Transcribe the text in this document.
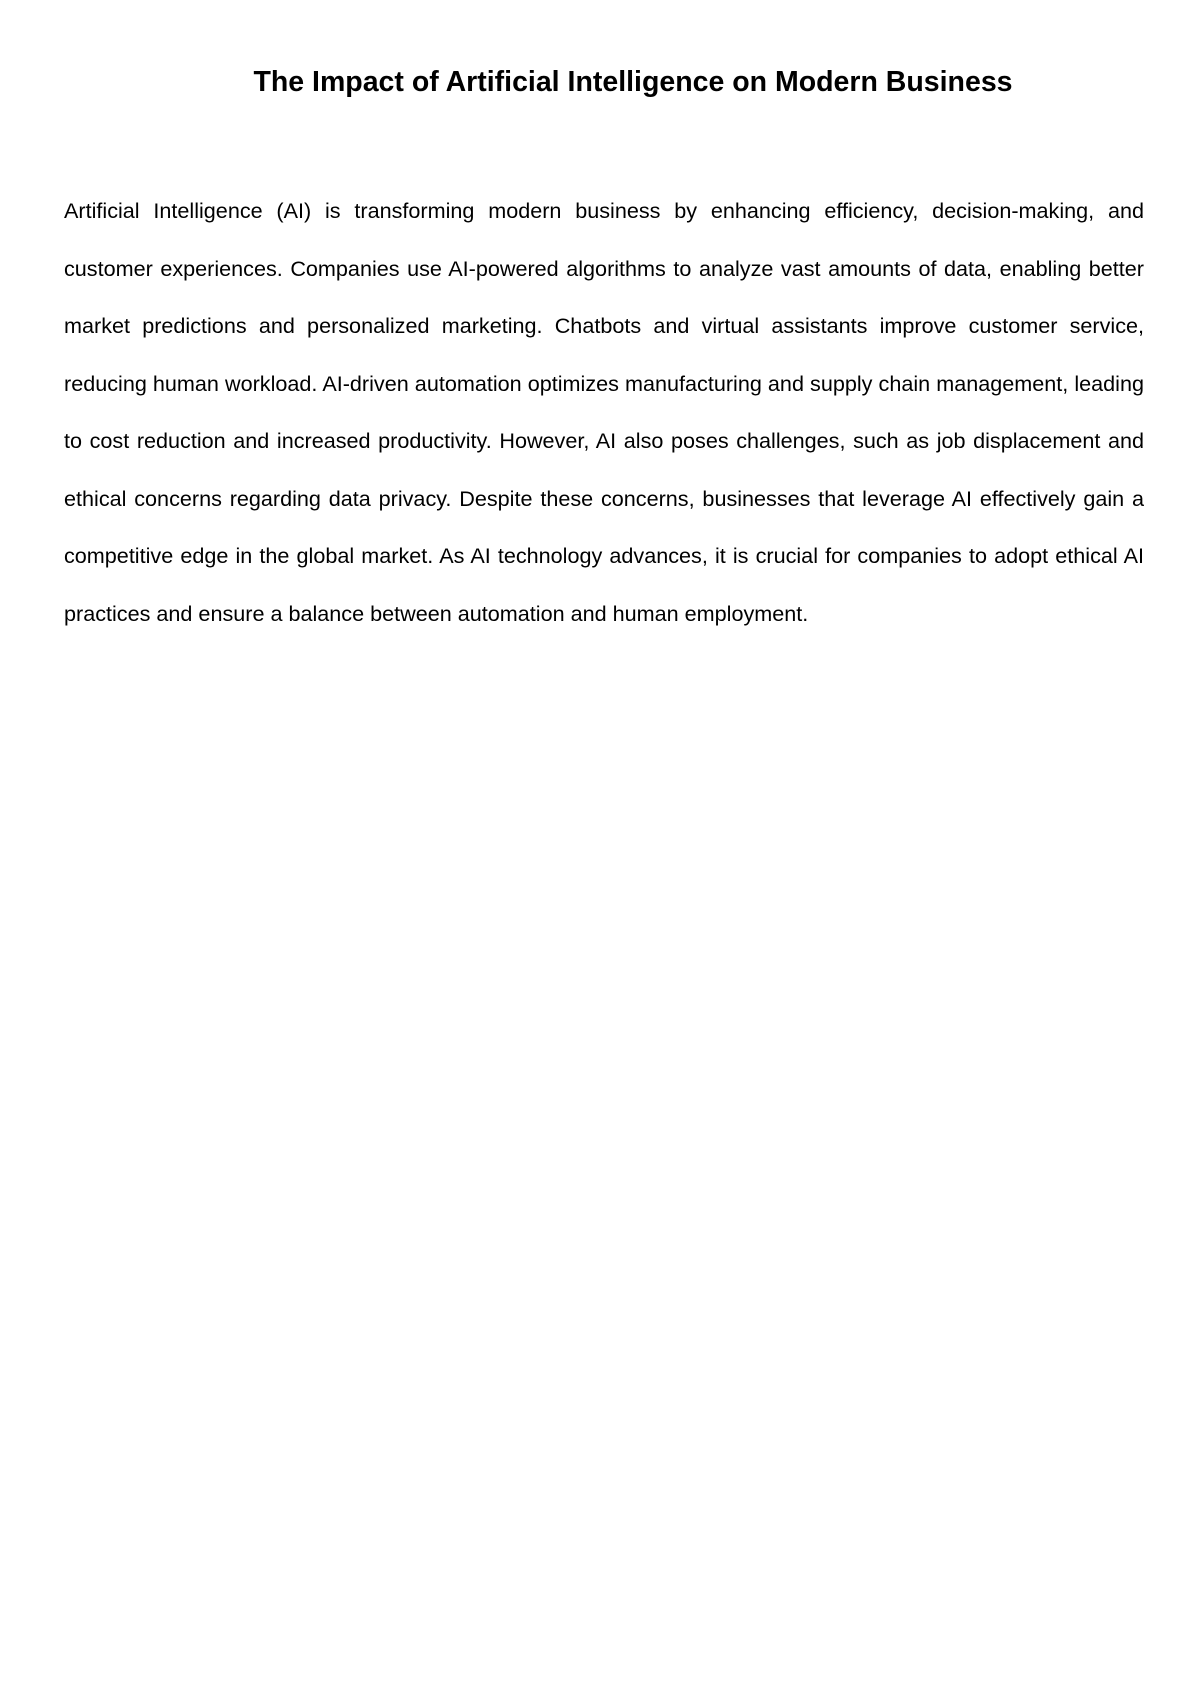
The Impact of Artificial Intelligence on Modern Business

Artificial Intelligence (AI) is transforming modern business by enhancing efficiency, decision-making, and customer experiences. Companies use AI-powered algorithms to analyze vast amounts of data, enabling better market predictions and personalized marketing. Chatbots and virtual assistants improve customer service, reducing human workload. AI-driven automation optimizes manufacturing and supply chain management, leading to cost reduction and increased productivity. However, AI also poses challenges, such as job displacement and ethical concerns regarding data privacy. Despite these concerns, businesses that leverage AI effectively gain a competitive edge in the global market. As AI technology advances, it is crucial for companies to adopt ethical AI practices and ensure a balance between automation and human employment.
